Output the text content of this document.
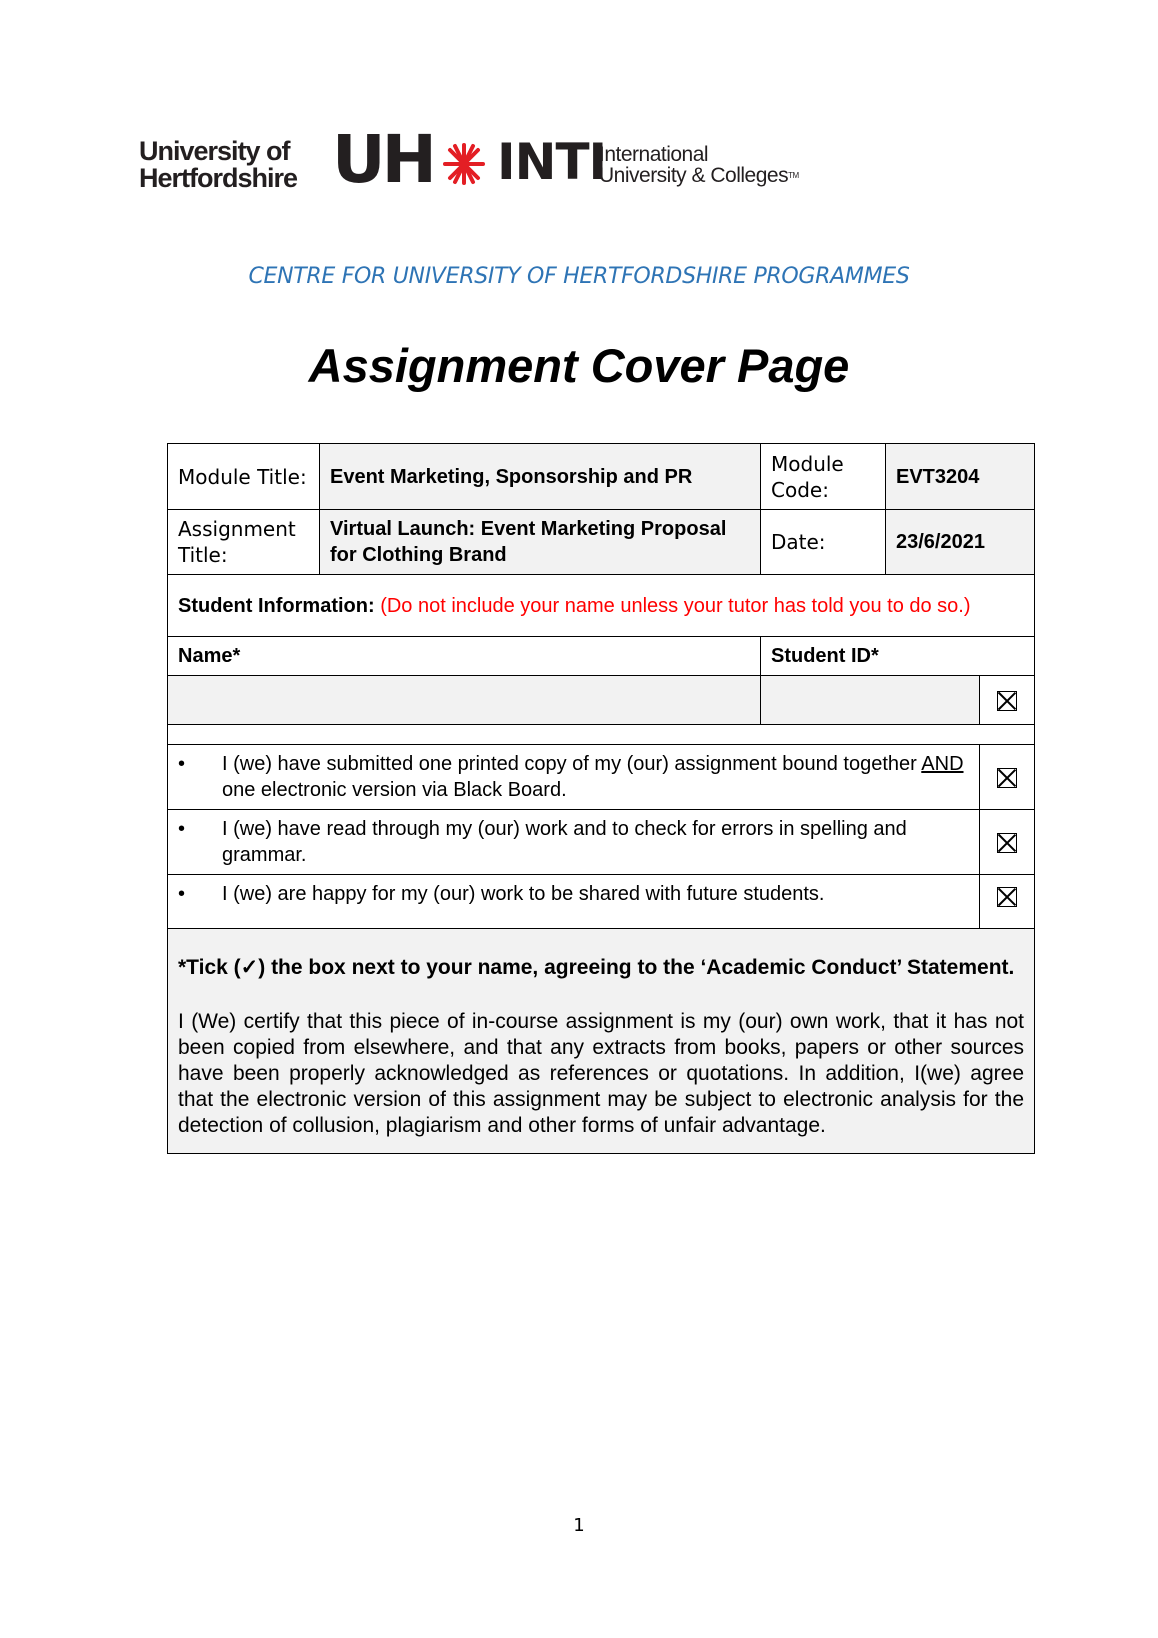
University of
Hertfordshire UH INTI
International
University & Colleges™
CENTRE FOR UNIVERSITY OF HERTFORDSHIRE PROGRAMMES
Assignment Cover Page
Module Title:	Event Marketing, Sponsorship and PR	Module Code:	EVT3204	
Assignment Title:	Virtual Launch: Event Marketing Proposal for Clothing Brand	Date:	23/6/2021	
Student Information: (Do not include your name unless your tutor has told you to do so.)				
Name*		Student ID*		

• I (we) have submitted one printed copy of my (our) assignment bound together AND one electronic version via Black Board.				

• I (we) have read through my (our) work and to check for errors in spelling and grammar.				

• I (we) are happy for my (our) work to be shared with future students.				

*Tick (✓) the box next to your name, agreeing to the ‘Academic Conduct’ Statement.

I (We) certify that this piece of in-course assignment is my (our) own work, that it has not been copied from elsewhere, and that any extracts from books, papers or other sources have been properly acknowledged as references or quotations. In addition, I(we) agree that the electronic version of this assignment may be subject to electronic analysis for the detection of collusion, plagiarism and other forms of unfair advantage.				

1
